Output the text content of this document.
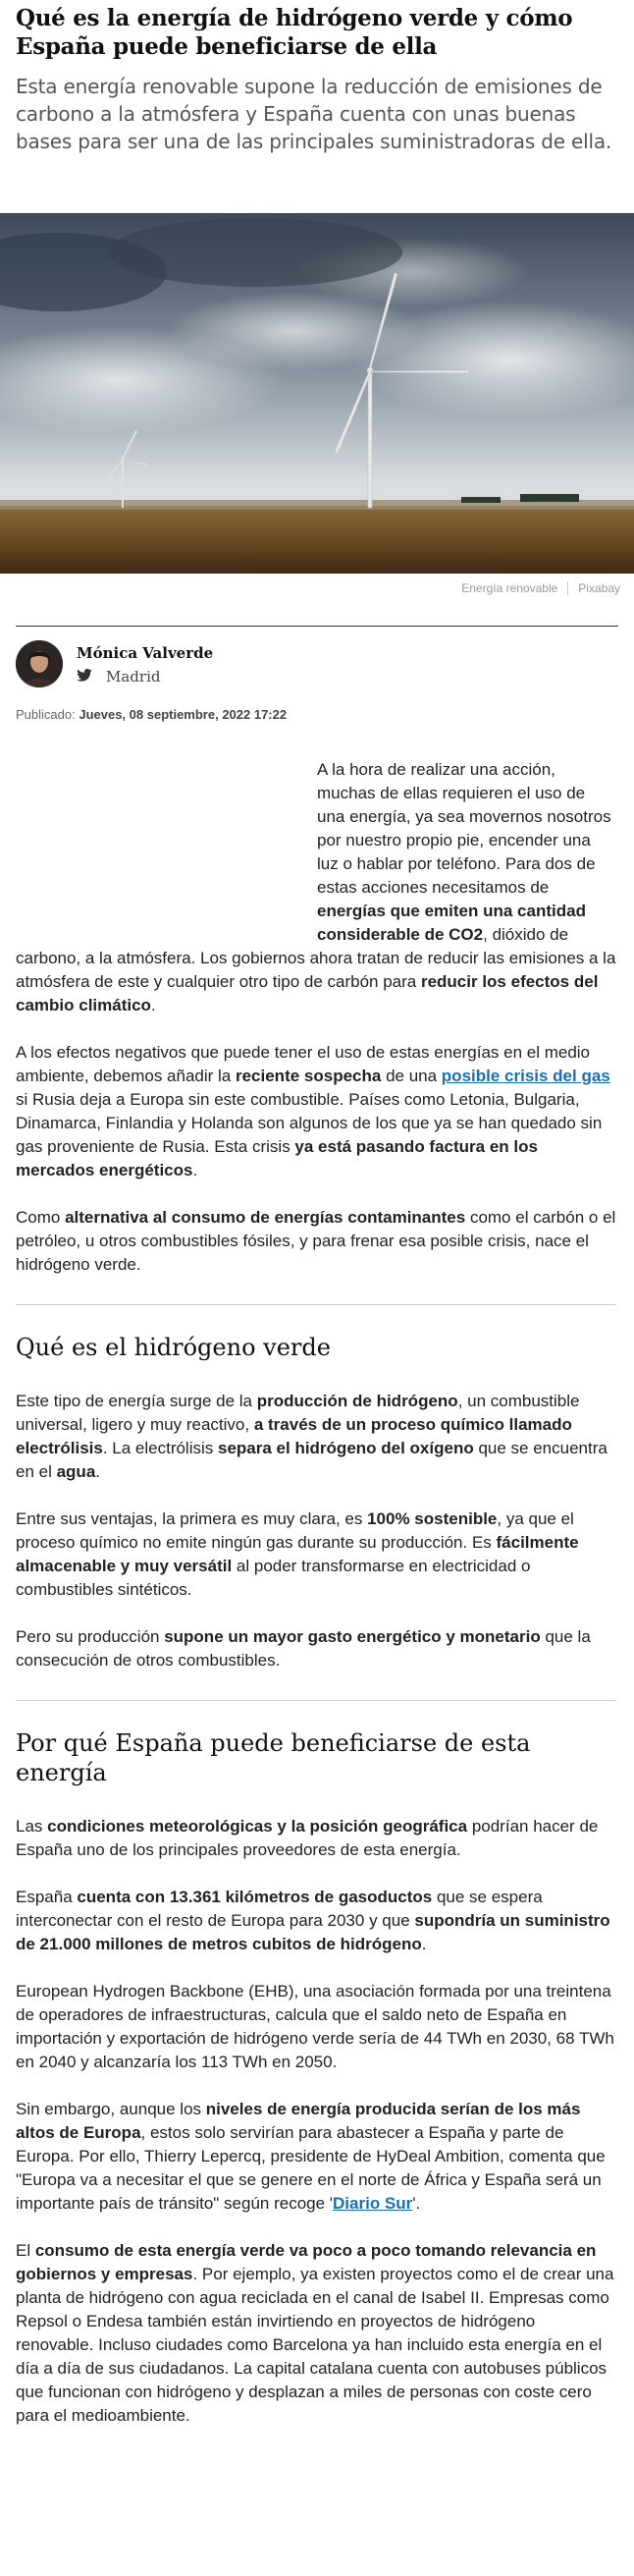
Qué es la energía de hidrógeno verde y cómo España puede beneficiarse de ella

Esta energía renovable supone la reducción de emisiones de carbono a la atmósfera y España cuenta con unas buenas bases para ser una de las principales suministradoras de ella.

Energía renovable Pixabay
Mónica Valverde
Madrid
Publicado: Jueves, 08 septiembre, 2022 17:22

A la hora de realizar una acción, muchas de ellas requieren el uso de una energía, ya sea movernos nosotros por nuestro propio pie, encender una luz o hablar por teléfono. Para dos de estas acciones necesitamos de energías que emiten una cantidad considerable de CO2, dióxido de carbono, a la atmósfera. Los gobiernos ahora tratan de reducir las emisiones a la atmósfera de este y cualquier otro tipo de carbón para reducir los efectos del cambio climático.

A los efectos negativos que puede tener el uso de estas energías en el medio ambiente, debemos añadir la reciente sospecha de una posible crisis del gas si Rusia deja a Europa sin este combustible. Países como Letonia, Bulgaria, Dinamarca, Finlandia y Holanda son algunos de los que ya se han quedado sin gas proveniente de Rusia. Esta crisis ya está pasando factura en los mercados energéticos.

Como alternativa al consumo de energías contaminantes como el carbón o el petróleo, u otros combustibles fósiles, y para frenar esa posible crisis, nace el hidrógeno verde.

Qué es el hidrógeno verde

Este tipo de energía surge de la producción de hidrógeno, un combustible universal, ligero y muy reactivo, a través de un proceso químico llamado electrólisis. La electrólisis separa el hidrógeno del oxígeno que se encuentra en el agua.

Entre sus ventajas, la primera es muy clara, es 100% sostenible, ya que el proceso químico no emite ningún gas durante su producción. Es fácilmente almacenable y muy versátil al poder transformarse en electricidad o combustibles sintéticos.

Pero su producción supone un mayor gasto energético y monetario que la consecución de otros combustibles.

Por qué España puede beneficiarse de esta energía

Las condiciones meteorológicas y la posición geográfica podrían hacer de España uno de los principales proveedores de esta energía.

España cuenta con 13.361 kilómetros de gasoductos que se espera interconectar con el resto de Europa para 2030 y que supondría un suministro de 21.000 millones de metros cubitos de hidrógeno.

European Hydrogen Backbone (EHB), una asociación formada por una treintena de operadores de infraestructuras, calcula que el saldo neto de España en importación y exportación de hidrógeno verde sería de 44 TWh en 2030, 68 TWh en 2040 y alcanzaría los 113 TWh en 2050.

Sin embargo, aunque los niveles de energía producida serían de los más altos de Europa, estos solo servirían para abastecer a España y parte de Europa. Por ello, Thierry Lepercq, presidente de HyDeal Ambition, comenta que "Europa va a necesitar el que se genere en el norte de África y España será un importante país de tránsito" según recoge 'Diario Sur'.

El consumo de esta energía verde va poco a poco tomando relevancia en gobiernos y empresas. Por ejemplo, ya existen proyectos como el de crear una planta de hidrógeno con agua reciclada en el canal de Isabel II. Empresas como Repsol o Endesa también están invirtiendo en proyectos de hidrógeno renovable. Incluso ciudades como Barcelona ya han incluido esta energía en el día a día de sus ciudadanos. La capital catalana cuenta con autobuses públicos que funcionan con hidrógeno y desplazan a miles de personas con coste cero para el medioambiente.
